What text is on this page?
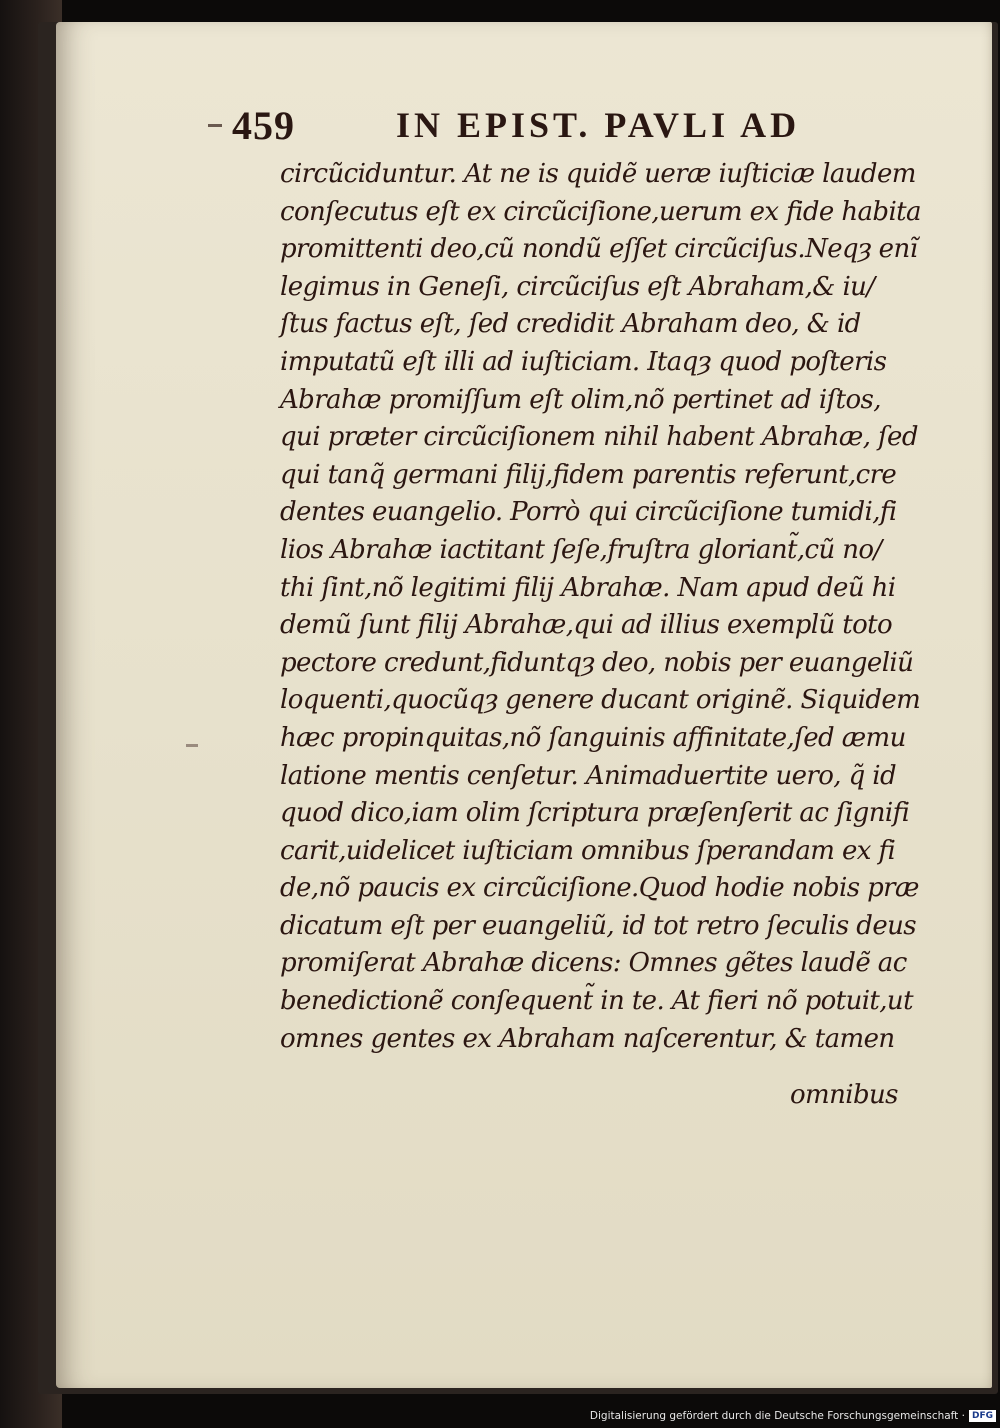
459	IN EPIST. PAVLI AD
circũciduntur. At ne is quidẽ ueræ iuſticiæ laudem
conſecutus eſt ex circũciſione,uerum ex fide habita
promittenti deo,cũ nondũ eſſet circũciſus.Neqȝ enĩ
legimus in Geneſi, circũciſus eſt Abraham,& iu/
ſtus factus eſt, ſed credidit Abraham deo, & id
imputatũ eſt illi ad iuſticiam. Itaqȝ quod poſteris
Abrahæ promiſſum eſt olim,nõ pertinet ad iſtos,
qui præter circũciſionem nihil habent Abrahæ, ſed
qui tanq̃ germani filij,fidem parentis referunt,cre
dentes euangelio. Porrò qui circũciſione tumidi,fi
lios Abrahæ iactitant ſeſe,fruſtra gloriant̃,cũ no/
thi ſint,nõ legitimi filij Abrahæ. Nam apud deũ hi
demũ ſunt filij Abrahæ,qui ad illius exemplũ toto
pectore credunt,fiduntqȝ deo, nobis per euangeliũ
loquenti,quocũqȝ genere ducant originẽ. Siquidem
hæc propinquitas,nõ ſanguinis affinitate,ſed æmu
latione mentis cenſetur. Animaduertite uero, q̃ id
quod dico,iam olim ſcriptura præſenſerit ac ſignifi
carit,uidelicet iuſticiam omnibus ſperandam ex fi
de,nõ paucis ex circũciſione.Quod hodie nobis præ
dicatum eſt per euangeliũ, id tot retro ſeculis deus
promiſerat Abrahæ dicens: Omnes gẽtes laudẽ ac
benedictionẽ conſequent̃ in te. At fieri nõ potuit,ut
omnes gentes ex Abraham naſcerentur, & tamen
omnibus
Digitalisierung gefördert durch die Deutsche Forschungsgemeinschaft · DFG
